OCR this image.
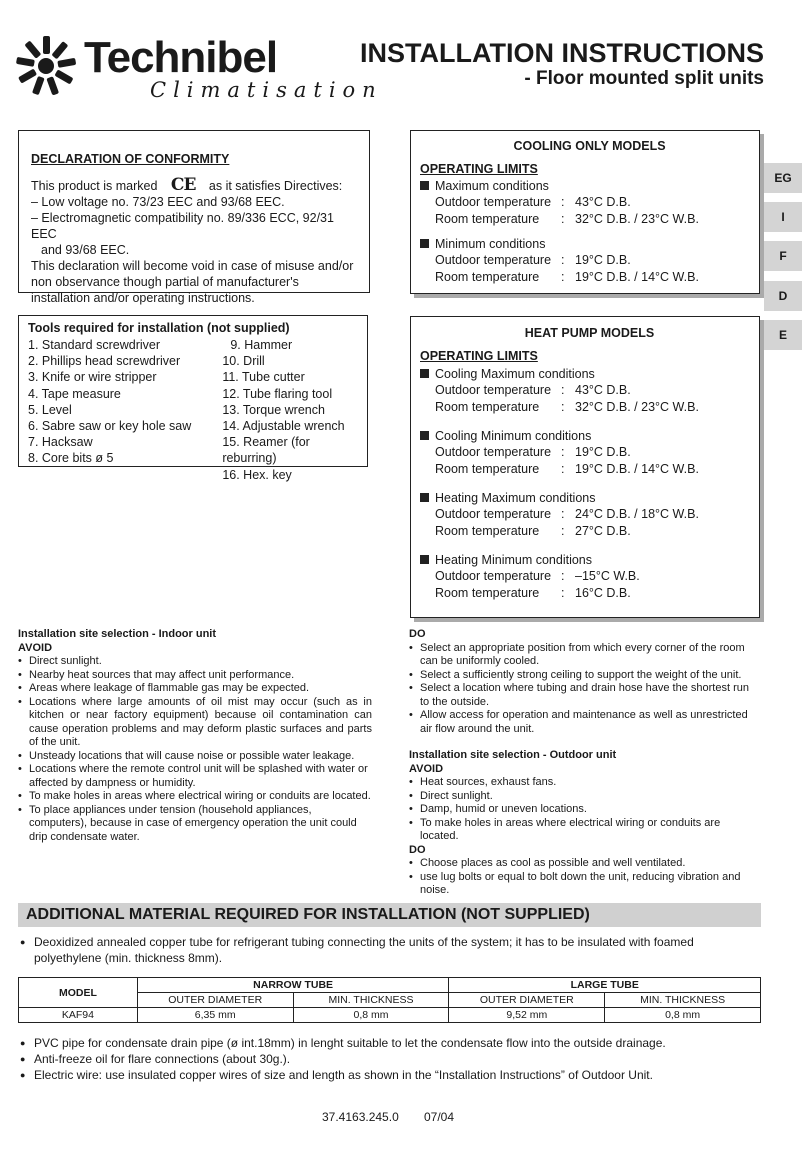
Technibel
Climatisation
INSTALLATION INSTRUCTIONS
- Floor mounted split units
EG
I
F
D
E
DECLARATION OF CONFORMITY
This product is marked CE as it satisfies Directives:
– Low voltage no. 73/23 EEC and 93/68 EEC.
– Electromagnetic compatibility no. 89/336 ECC, 92/31 EEC
and 93/68 EEC.
This declaration will become void in case of misuse and/or non observance though partial of manufacturer's installation and/or operating instructions.
Tools required for installation (not supplied)
1. Standard screwdriver
2. Phillips head screwdriver
3. Knife or wire stripper
4. Tape measure
5. Level
6. Sabre saw or key hole saw
7. Hacksaw
8. Core bits ø 5
9. Hammer
10. Drill
11. Tube cutter
12. Tube flaring tool
13. Torque wrench
14. Adjustable wrench
15. Reamer (for reburring)
16. Hex. key
COOLING ONLY MODELS
OPERATING LIMITS
Maximum conditions
Outdoor temperature : 43°C D.B.
Room temperature	: 32°C D.B. / 23°C W.B.
Minimum conditions
Outdoor temperature : 19°C D.B.
Room temperature	: 19°C D.B. / 14°C W.B.
HEAT PUMP MODELS
OPERATING LIMITS
Cooling Maximum conditions
Outdoor temperature : 43°C D.B.
Room temperature	: 32°C D.B. / 23°C W.B.
Cooling Minimum conditions
Outdoor temperature : 19°C D.B.
Room temperature	: 19°C D.B. / 14°C W.B.
Heating Maximum conditions
Outdoor temperature : 24°C D.B. / 18°C W.B.
Room temperature	: 27°C D.B.
Heating Minimum conditions
Outdoor temperature : –15°C W.B.
Room temperature	: 16°C D.B.
Installation site selection - Indoor unit
AVOID
• Direct sunlight.
• Nearby heat sources that may affect unit performance.
• Areas where leakage of flammable gas may be expected.
• Locations where large amounts of oil mist may occur (such as in kitchen or near factory equipment) because oil contamination can cause operation problems and may deform plastic surfaces and parts of the unit.
• Unsteady locations that will cause noise or possible water leakage.
• Locations where the remote control unit will be splashed with water or affected by dampness or humidity.
• To make holes in areas where electrical wiring or conduits are located.
• To place appliances under tension (household appliances, computers), because in case of emergency operation the unit could drip condensate water.
DO
• Select an appropriate position from which every corner of the room can be uniformly cooled.
• Select a sufficiently strong ceiling to support the weight of the unit.
• Select a location where tubing and drain hose have the shortest run to the outside.
• Allow access for operation and maintenance as well as unrestricted air flow around the unit.
Installation site selection - Outdoor unit
AVOID
• Heat sources, exhaust fans.
• Direct sunlight.
• Damp, humid or uneven locations.
• To make holes in areas where electrical wiring or conduits are located.
DO
• Choose places as cool as possible and well ventilated.
• use lug bolts or equal to bolt down the unit, reducing vibration and noise.
ADDITIONAL MATERIAL REQUIRED FOR INSTALLATION (NOT SUPPLIED)
● Deoxidized annealed copper tube for refrigerant tubing connecting the units of the system; it has to be insulated with foamed polyethylene (min. thickness 8mm).
MODEL	NARROW TUBE		LARGE TUBE	
	OUTER DIAMETER	MIN. THICKNESS	OUTER DIAMETER	MIN. THICKNESS
KAF94	6,35 mm	0,8 mm	9,52 mm	0,8 mm
● PVC pipe for condensate drain pipe (ø int.18mm) in lenght suitable to let the condensate flow into the outside drainage.
● Anti-freeze oil for flare connections (about 30g.).
● Electric wire: use insulated copper wires of size and length as shown in the “Installation Instructions” of Outdoor Unit.
37.4163.245.0 07/04
